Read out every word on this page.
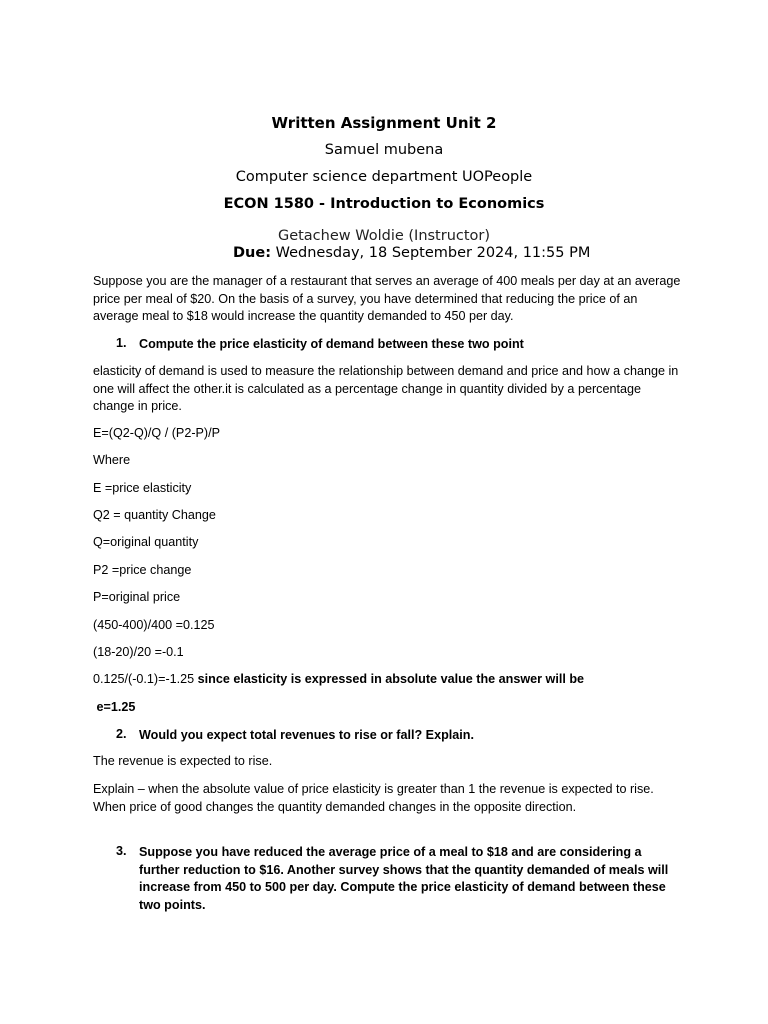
Written Assignment Unit 2
Samuel mubena
Computer science department UOPeople
ECON 1580 - Introduction to Economics
Getachew Woldie (Instructor)
Due: Wednesday, 18 September 2024, 11:55 PM
Suppose you are the manager of a restaurant that serves an average of 400 meals per day at an average price per meal of $20. On the basis of a survey, you have determined that reducing the price of an average meal to $18 would increase the quantity demanded to 450 per day.
1. Compute the price elasticity of demand between these two point
elasticity of demand is used to measure the relationship between demand and price and how a change in one will affect the other.it is calculated as a percentage change in quantity divided by a percentage change in price.
E=(Q2-Q)/Q / (P2-P)/P
Where
E =price elasticity
Q2 = quantity Change
Q=original quantity
P2 =price change
P=original price
(450-400)/400 =0.125
(18-20)/20 =-0.1
0.125/(-0.1)=-1.25 since elasticity is expressed in absolute value the answer will be
e=1.25
2. Would you expect total revenues to rise or fall? Explain.
The revenue is expected to rise.
Explain – when the absolute value of price elasticity is greater than 1 the revenue is expected to rise. When price of good changes the quantity demanded changes in the opposite direction.
3. Suppose you have reduced the average price of a meal to $18 and are considering a further reduction to $16. Another survey shows that the quantity demanded of meals will increase from 450 to 500 per day. Compute the price elasticity of demand between these two points.
